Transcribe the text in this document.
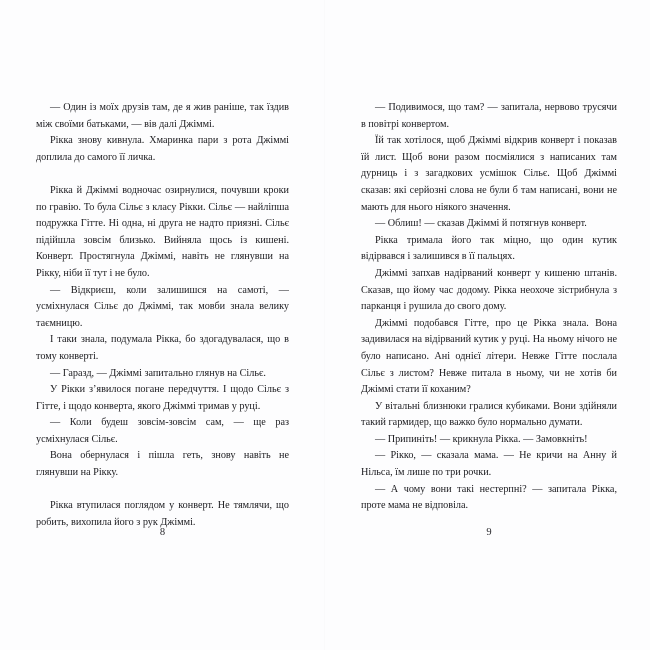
— Один із моїх друзів там, де я жив раніше, так їздив між своїми батьками, — вів далі Джіммі.

Рікка знову кивнула. Хмаринка пари з рота Джіммі доплила до самого її личка.

Рікка й Джіммі водночас озирнулися, почувши кроки по гравію. То була Сільє з класу Рікки. Сільє — найліпша подружка Гітте. Ні одна, ні друга не надто приязні. Сільє підійшла зовсім близько. Вийняла щось із кишені. Конверт. Простягнула Джіммі, навіть не глянувши на Рікку, ніби її тут і не було.

— Відкриєш, коли залишишся на самоті, — усміхнулася Сільє до Джіммі, так мовби знала велику таємницю.

І таки знала, подумала Рікка, бо здогадувалася, що в тому конверті.

— Гаразд, — Джіммі запитально глянув на Сільє.

У Рікки з’явилося погане передчуття. І щодо Сільє з Гітте, і щодо конверта, якого Джіммі тримав у руці.

— Коли будеш зовсім-зовсім сам, — ще раз усміхнулася Сільє.

Вона обернулася і пішла геть, знову навіть не глянувши на Рікку.

Рікка втупилася поглядом у конверт. Не тямлячи, що робить, вихопила його з рук Джіммі.

8

— Подивимося, що там? — запитала, нервово трусячи в повітрі конвертом.

Їй так хотілося, щоб Джіммі відкрив конверт і показав їй лист. Щоб вони разом посміялися з написаних там дурниць і з загадкових усмішок Сільє. Щоб Джіммі сказав: які серйозні слова не були б там написані, вони не мають для нього ніякого значення.

— Облиш! — сказав Джіммі й потягнув конверт.

Рікка тримала його так міцно, що один кутик відірвався і залишився в її пальцях.

Джіммі запхав надірваний конверт у кишеню штанів. Сказав, що йому час додому. Рікка неохоче зістрибнула з парканця і рушила до свого дому.

Джіммі подобався Гітте, про це Рікка знала. Вона задивилася на відірваний кутик у руці. На ньому нічого не було написано. Ані однієї літери. Невже Гітте послала Сільє з листом? Невже питала в ньому, чи не хотів би Джіммі стати її коханим?

У вітальні близнюки гралися кубиками. Вони здійняли такий гармидер, що важко було нормально думати.

— Припиніть! — крикнула Рікка. — Замовкніть!

— Рікко, — сказала мама. — Не кричи на Анну й Нільса, їм лише по три рочки.

— А чому вони такі нестерпні? — запитала Рікка, проте мама не відповіла.

9
